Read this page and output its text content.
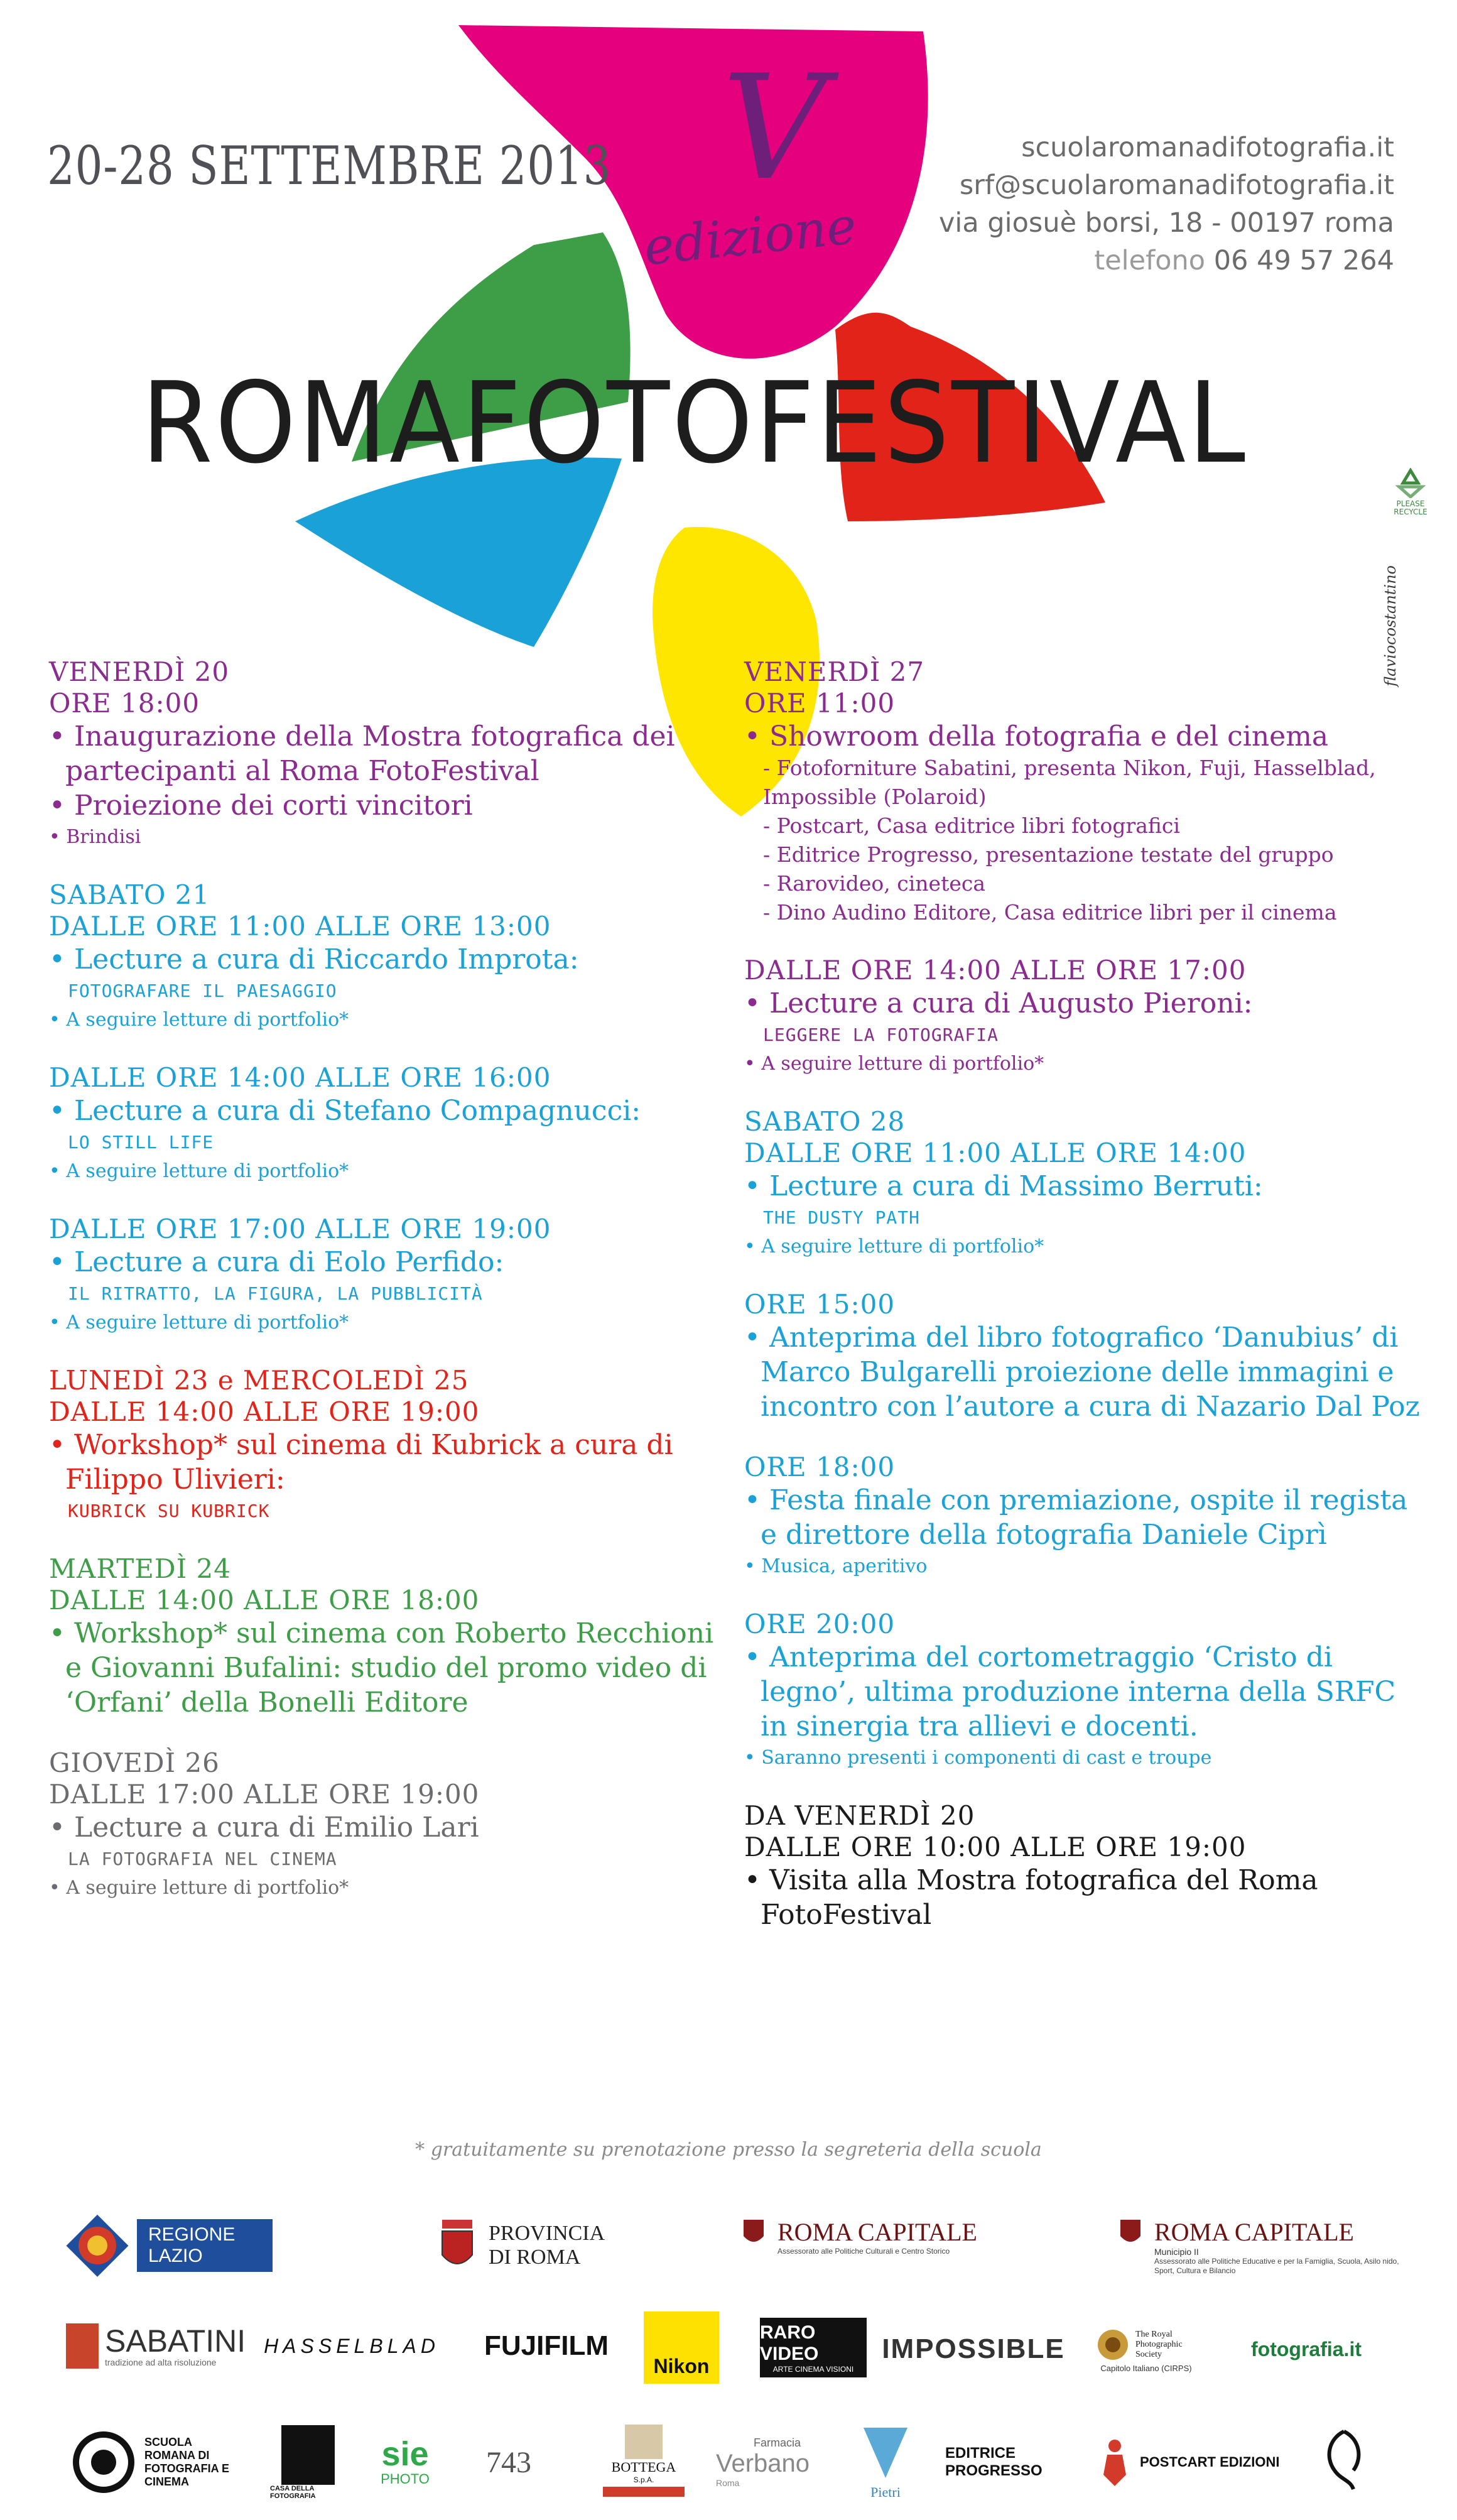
20-28 SETTEMBRE 2013 V
edizione
scuolaromanadifotografia.it
srf@scuolaromanadifotografia.it
via giosuè borsi, 18 - 00197 roma
telefono 06 49 57 264
ROMAFOTOFESTIVAL
PLEASE RECYCLE
flaviocostantino
VENERDÌ 20
ORE 18:00
• Inaugurazione della Mostra fotografica dei partecipanti al Roma FotoFestival
• Proiezione dei corti vincitori
• Brindisi
SABATO 21
DALLE ORE 11:00 ALLE ORE 13:00
• Lecture a cura di Riccardo Improta:
FOTOGRAFARE IL PAESAGGIO
• A seguire letture di portfolio*
DALLE ORE 14:00 ALLE ORE 16:00
• Lecture a cura di Stefano Compagnucci:
LO STILL LIFE
• A seguire letture di portfolio*
DALLE ORE 17:00 ALLE ORE 19:00
• Lecture a cura di Eolo Perfido:
IL RITRATTO, LA FIGURA, LA PUBBLICITÀ
• A seguire letture di portfolio*
LUNEDÌ 23 e MERCOLEDÌ 25
DALLE 14:00 ALLE ORE 19:00
• Workshop* sul cinema di Kubrick a cura di Filippo Ulivieri:
KUBRICK SU KUBRICK
MARTEDÌ 24
DALLE 14:00 ALLE ORE 18:00
• Workshop* sul cinema con Roberto Recchioni e Giovanni Bufalini: studio del promo video di ‘Orfani’ della Bonelli Editore
GIOVEDÌ 26
DALLE 17:00 ALLE ORE 19:00
• Lecture a cura di Emilio Lari
LA FOTOGRAFIA NEL CINEMA
• A seguire letture di portfolio*
VENERDÌ 27
ORE 11:00
• Showroom della fotografia e del cinema
- Fotoforniture Sabatini, presenta Nikon, Fuji, Hasselblad, Impossible (Polaroid)
- Postcart, Casa editrice libri fotografici
- Editrice Progresso, presentazione testate del gruppo
- Rarovideo, cineteca
- Dino Audino Editore, Casa editrice libri per il cinema
DALLE ORE 14:00 ALLE ORE 17:00
• Lecture a cura di Augusto Pieroni:
LEGGERE LA FOTOGRAFIA
• A seguire letture di portfolio*
SABATO 28
DALLE ORE 11:00 ALLE ORE 14:00
• Lecture a cura di Massimo Berruti:
THE DUSTY PATH
• A seguire letture di portfolio*
ORE 15:00
• Anteprima del libro fotografico ‘Danubius’ di Marco Bulgarelli proiezione delle immagini e incontro con l’autore a cura di Nazario Dal Poz
ORE 18:00
• Festa finale con premiazione, ospite il regista e direttore della fotografia Daniele Ciprì
• Musica, aperitivo
ORE 20:00
• Anteprima del cortometraggio ‘Cristo di legno’, ultima produzione interna della SRFC in sinergia tra allievi e docenti.
• Saranno presenti i componenti di cast e troupe
DA VENERDÌ 20
DALLE ORE 10:00 ALLE ORE 19:00
• Visita alla Mostra fotografica del Roma FotoFestival
* gratuitamente su prenotazione presso la segreteria della scuola
REGIONE LAZIO
PROVINCIA DI ROMA
ROMA CAPITALE
Assessorato alle Politiche Culturali e Centro Storico
ROMA CAPITALE
Municipio II
Assessorato alle Politiche Educative e per la Famiglia, Scuola, Asilo nido, Sport, Cultura e Bilancio
SABATINI
tradizione ad alta risoluzione
HASSELBLAD	FUJIFILM
Nikon
RARO VIDEO
ARTE CINEMA VISIONI
IMPOSSIBLE	The Royal Photographic Society
Capitolo Italiano (CIRPS)
fotografia.it
SCUOLA ROMANA DI FOTOGRAFIA E CINEMA
CASA DELLA FOTOGRAFIA
sie
PHOTO 743	BOTTEGA
S.p.A.
Farmacia
Verbano
Roma
Pietri
EDITRICE PROGRESSO
POSTCART EDIZIONI
